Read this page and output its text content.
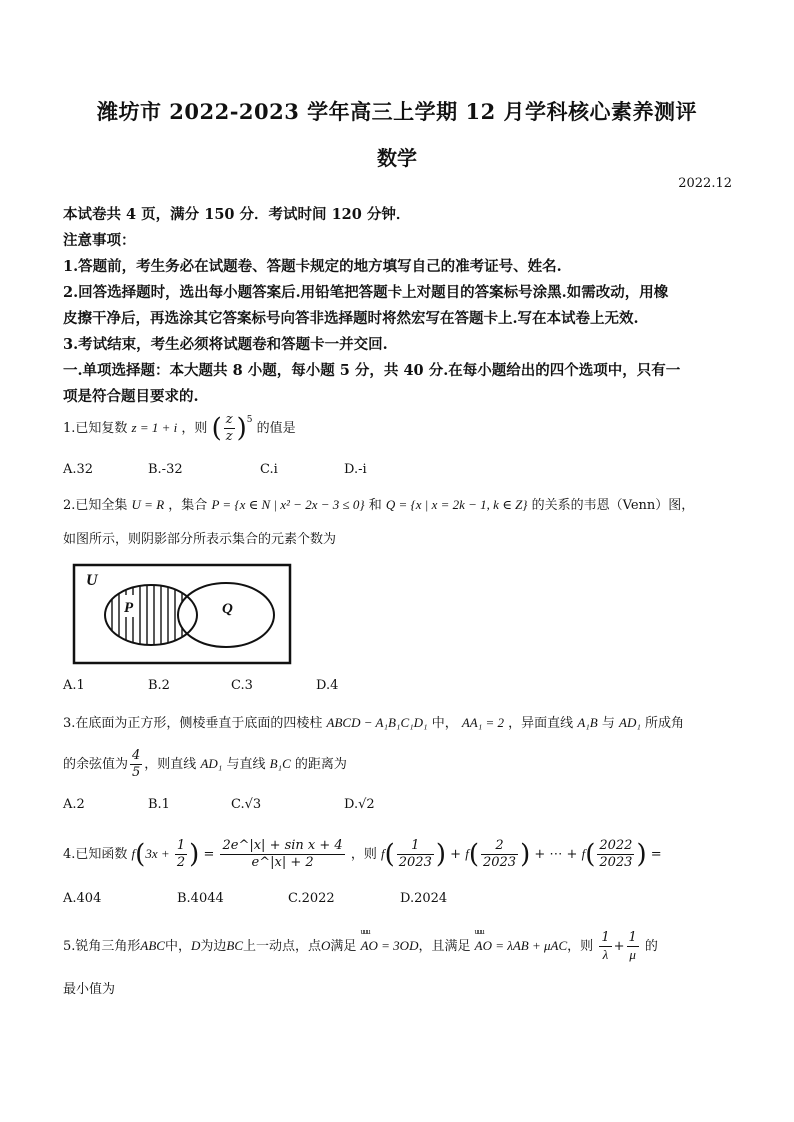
潍坊市 2022-2023 学年高三上学期 12 月学科核心素养测评
数学
2022.12
本试卷共 4 页，满分 150 分．考试时间 120 分钟．
注意事项：
1.答题前，考生务必在试题卷、答题卡规定的地方填写自己的准考证号、姓名.
2.回答选择题时，选出每小题答案后.用铅笔把答题卡上对题目的答案标号涂黑.如需改动，用橡
皮擦干净后，再选涂其它答案标号向答非选择题时将然宏写在答题卡上.写在本试卷上无效.
3.考试结束，考生必须将试题卷和答题卡一并交回.
一.单项选择题：本大题共 8 小题，每小题 5 分，共 40 分.在每小题给出的四个选项中，只有一
项是符合题目要求的.
1.已知复数 z = 1 + i ，则 ( $\frac{z}{z} )^5$ 的值是
A.32	B.-32	C.i	D.-i
2.已知全集 U = R ，集合 P = {x ∈ N | x² − 2x − 3 ≤ 0} 和 Q = {x | x = 2k − 1, k ∈ Z} 的关系的韦恩（Venn）图，
如图所示，则阴影部分所表示集合的元素个数为
U
P	Q
A.1	B.2	C.3	D.4
3.在底面为正方形，侧棱垂直于底面的四棱柱 ABCD − A₁B₁C₁D₁ 中， AA₁ = 2 ，异面直线 A₁B 与 AD₁ 所成角
的余弦值为 $\frac{4}{5}$ ，则直线 AD₁ 与直线 B₁C 的距离为
A.2	B.1	C.√3	D.√2
4.已知函数 $f(3x + \frac{1}{2}$ ) = $\frac{\text{2e\textasciicircum{}|x| + sin x + 4}}{e\^{}|x| + 2}$ ，则 $f( \frac{1}{2023}$ ) + $f( \frac{2}{2023}$ ) + ⋯ + $f( \frac{2022}{2023}$ ) =
A.404	B.4044	C.2022	D.2024
5.锐角三角形ABC中，D为边BC上一动点，点O满足 uuu AO = 3OD，且满足 uuu AO = λAB + μAC，则 $\frac{1}{\lambda} + \frac{1}{\mu}$ 的
最小值为
